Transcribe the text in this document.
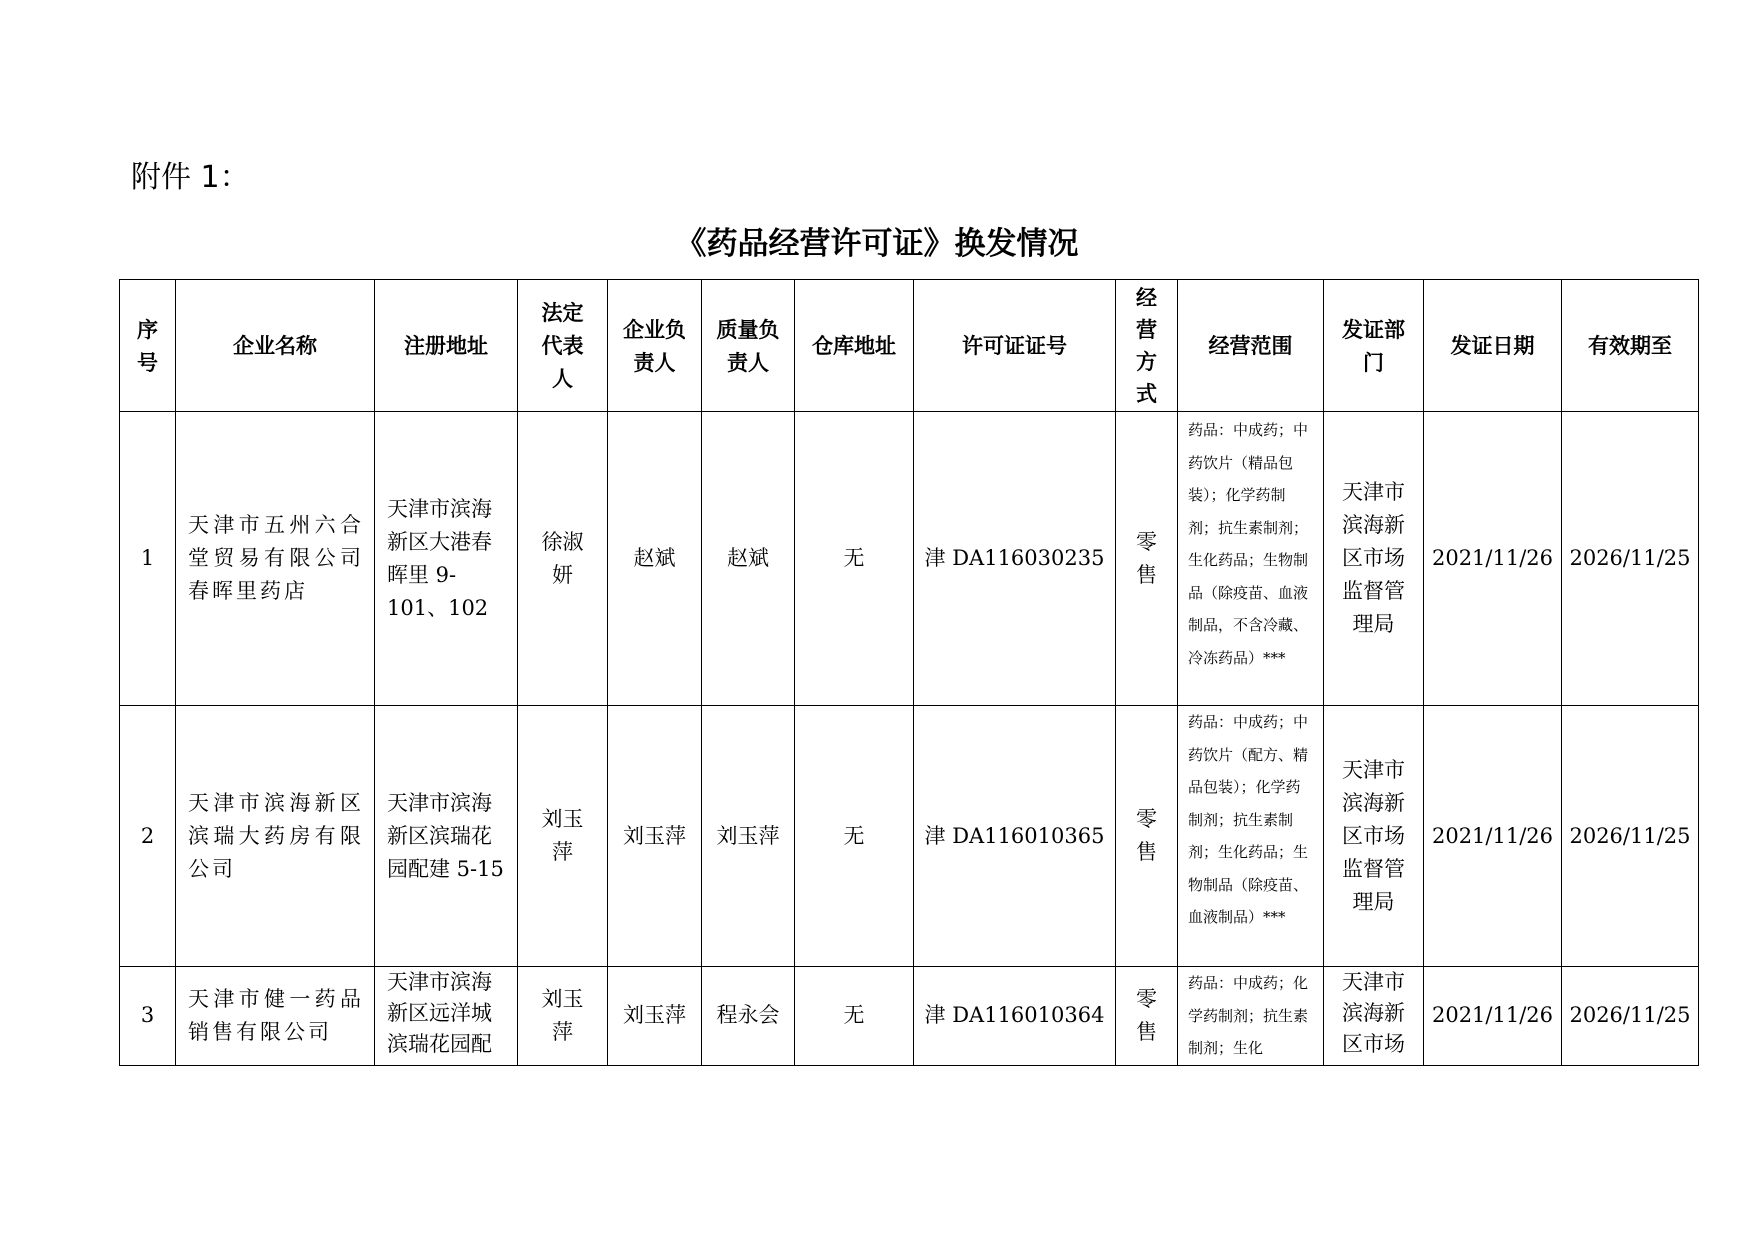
附件 1：
《药品经营许可证》换发情况
序号	企业名称	注册地址	法定代表人	企业负责人	质量负责人	仓库地址	许可证证号	经营方式	经营范围	发证部门	发证日期	有效期至
1	天津市五州六合堂贸易有限公司春晖里药店	天津市滨海新区大港春晖里 9-101、102	徐淑妍	赵斌	赵斌	无	津 DA116030235	零售	药品：中成药；中药饮片（精品包装）；化学药制剂；抗生素制剂；生化药品；生物制品（除疫苗、血液制品，不含冷藏、冷冻药品）***	天津市滨海新区市场监督管理局	2021/11/26	2026/11/25
2	天津市滨海新区滨瑞大药房有限公司	天津市滨海新区滨瑞花园配建 5-15	刘玉萍	刘玉萍	刘玉萍	无	津 DA116010365	零售	药品：中成药；中药饮片（配方、精品包装）；化学药制剂；抗生素制剂；生化药品；生物制品（除疫苗、血液制品）***	天津市滨海新区市场监督管理局	2021/11/26	2026/11/25
3	天津市健一药品销售有限公司	天津市滨海新区远洋城滨瑞花园配	刘玉萍	刘玉萍	程永会	无	津 DA116010364	零售	药品：中成药；化学药制剂；抗生素制剂；生化	天津市滨海新区市场	2021/11/26	2026/11/25
